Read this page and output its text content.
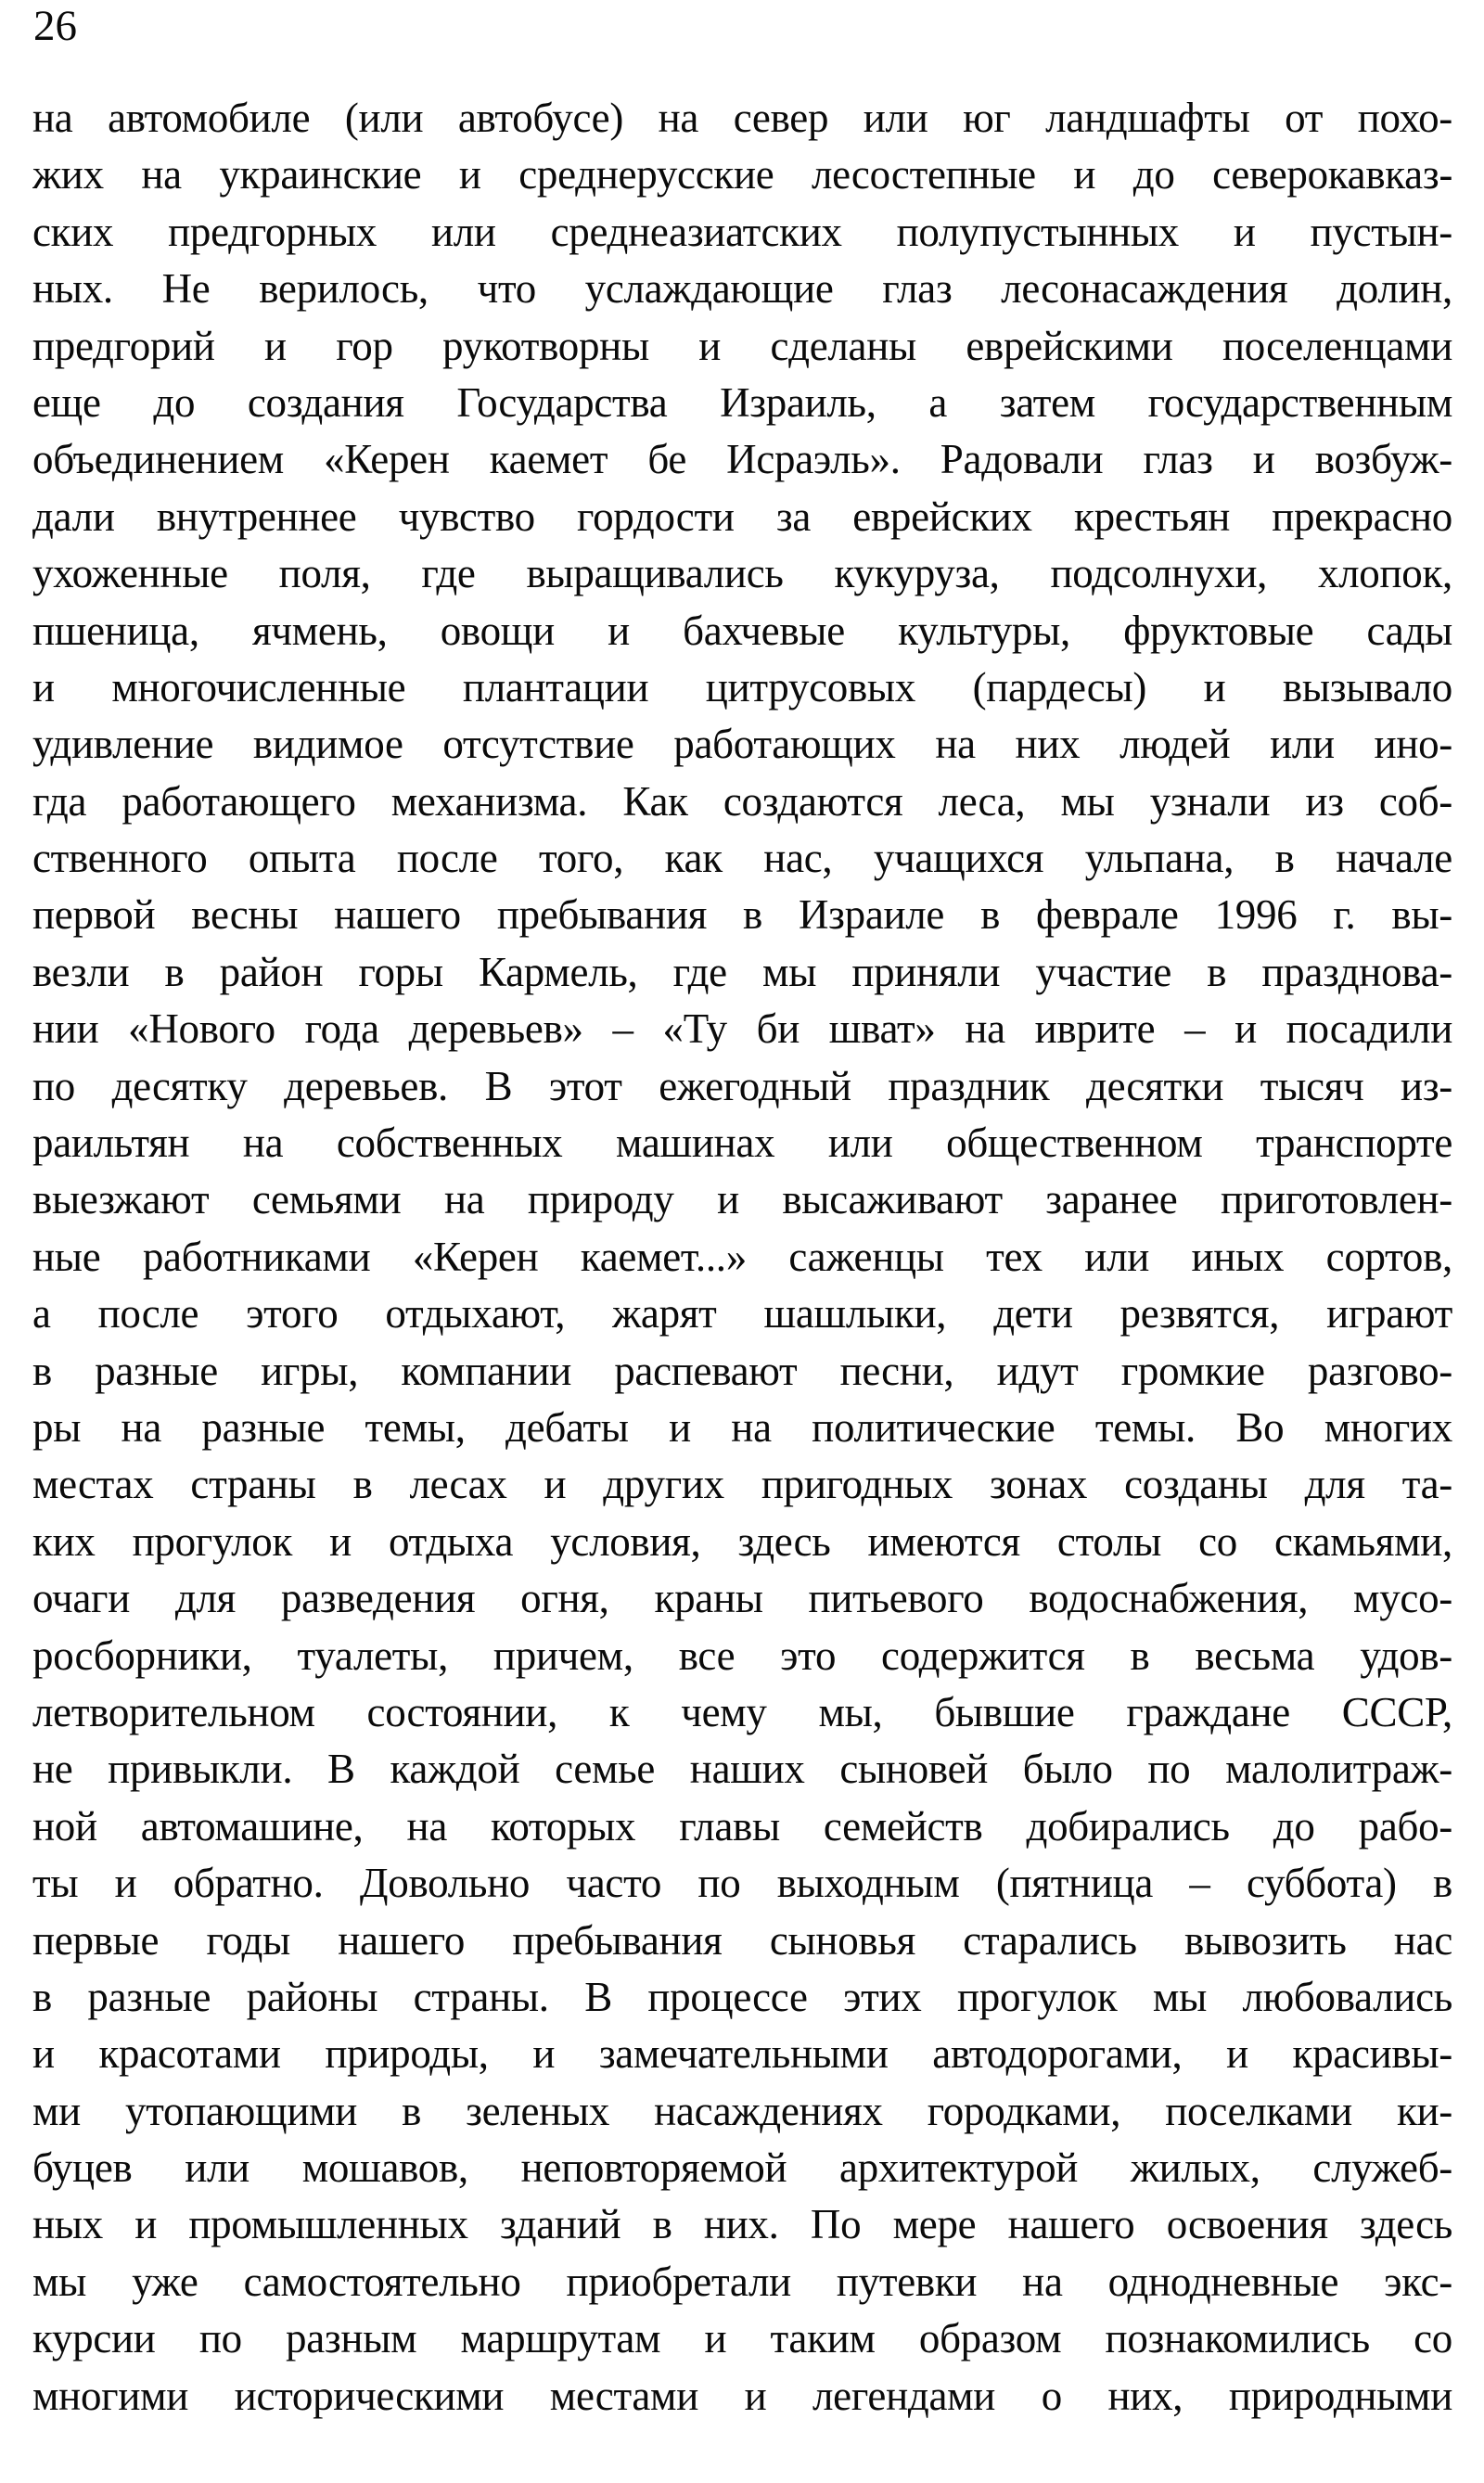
26
на автомобиле (или автобусе) на север или юг ландшафты от похо-
жих на украинские и среднерусские лесостепные и до северокавказ-
ских предгорных или среднеазиатских полупустынных и пустын-
ных. Не верилось, что услаждающие глаз лесонасаждения долин,
предгорий и гор рукотворны и сделаны еврейскими поселенцами
еще до создания Государства Израиль, а затем государственным
объединением «Керен каемет бе Исраэль». Радовали глаз и возбуж-
дали внутреннее чувство гордости за еврейских крестьян прекрасно
ухоженные поля, где выращивались кукуруза, подсолнухи, хлопок,
пшеница, ячмень, овощи и бахчевые культуры, фруктовые сады
и многочисленные плантации цитрусовых (пардесы) и вызывало
удивление видимое отсутствие работающих на них людей или ино-
гда работающего механизма. Как создаются леса, мы узнали из соб-
ственного опыта после того, как нас, учащихся ульпана, в начале
первой весны нашего пребывания в Израиле в феврале 1996 г. вы-
везли в район горы Кармель, где мы приняли участие в празднова-
нии «Нового года деревьев» – «Ту би шват» на иврите – и посадили
по десятку деревьев. В этот ежегодный праздник десятки тысяч из-
раильтян на собственных машинах или общественном транспорте
выезжают семьями на природу и высаживают заранее приготовлен-
ные работниками «Керен каемет...» саженцы тех или иных сортов,
а после этого отдыхают, жарят шашлыки, дети резвятся, играют
в разные игры, компании распевают песни, идут громкие разгово-
ры на разные темы, дебаты и на политические темы. Во многих
местах страны в лесах и других пригодных зонах созданы для та-
ких прогулок и отдыха условия, здесь имеются столы со скамьями,
очаги для разведения огня, краны питьевого водоснабжения, мусо-
росборники, туалеты, причем, все это содержится в весьма удов-
летворительном состоянии, к чему мы, бывшие граждане СССР,
не привыкли. В каждой семье наших сыновей было по малолитраж-
ной автомашине, на которых главы семейств добирались до рабо-
ты и обратно. Довольно часто по выходным (пятница – суббота) в
первые годы нашего пребывания сыновья старались вывозить нас
в разные районы страны. В процессе этих прогулок мы любовались
и красотами природы, и замечательными автодорогами, и красивы-
ми утопающими в зеленых насаждениях городками, поселками ки-
буцев или мошавов, неповторяемой архитектурой жилых, служеб-
ных и промышленных зданий в них. По мере нашего освоения здесь
мы уже самостоятельно приобретали путевки на однодневные экс-
курсии по разным маршрутам и таким образом познакомились со
многими историческими местами и легендами о них, природными
